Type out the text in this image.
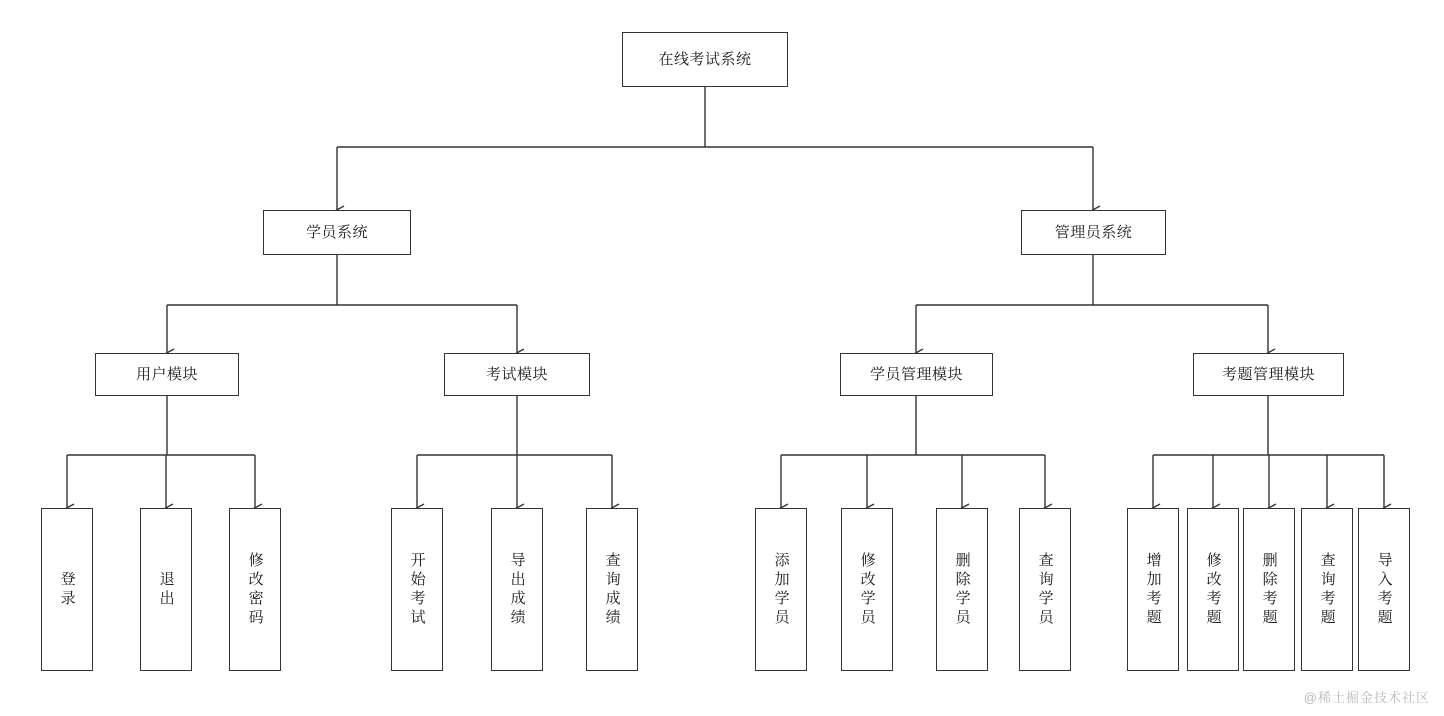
在线考试系统
学员系统	管理员系统
用户模块	考试模块	学员管理模块	考题管理模块
登录	退出	修改密码	开始考试	导出成绩	查询成绩	添加学员	修改学员	删除学员	查询学员	增加考题	修改考题	删除考题	查询考题	导入考题
@稀土掘金技术社区
